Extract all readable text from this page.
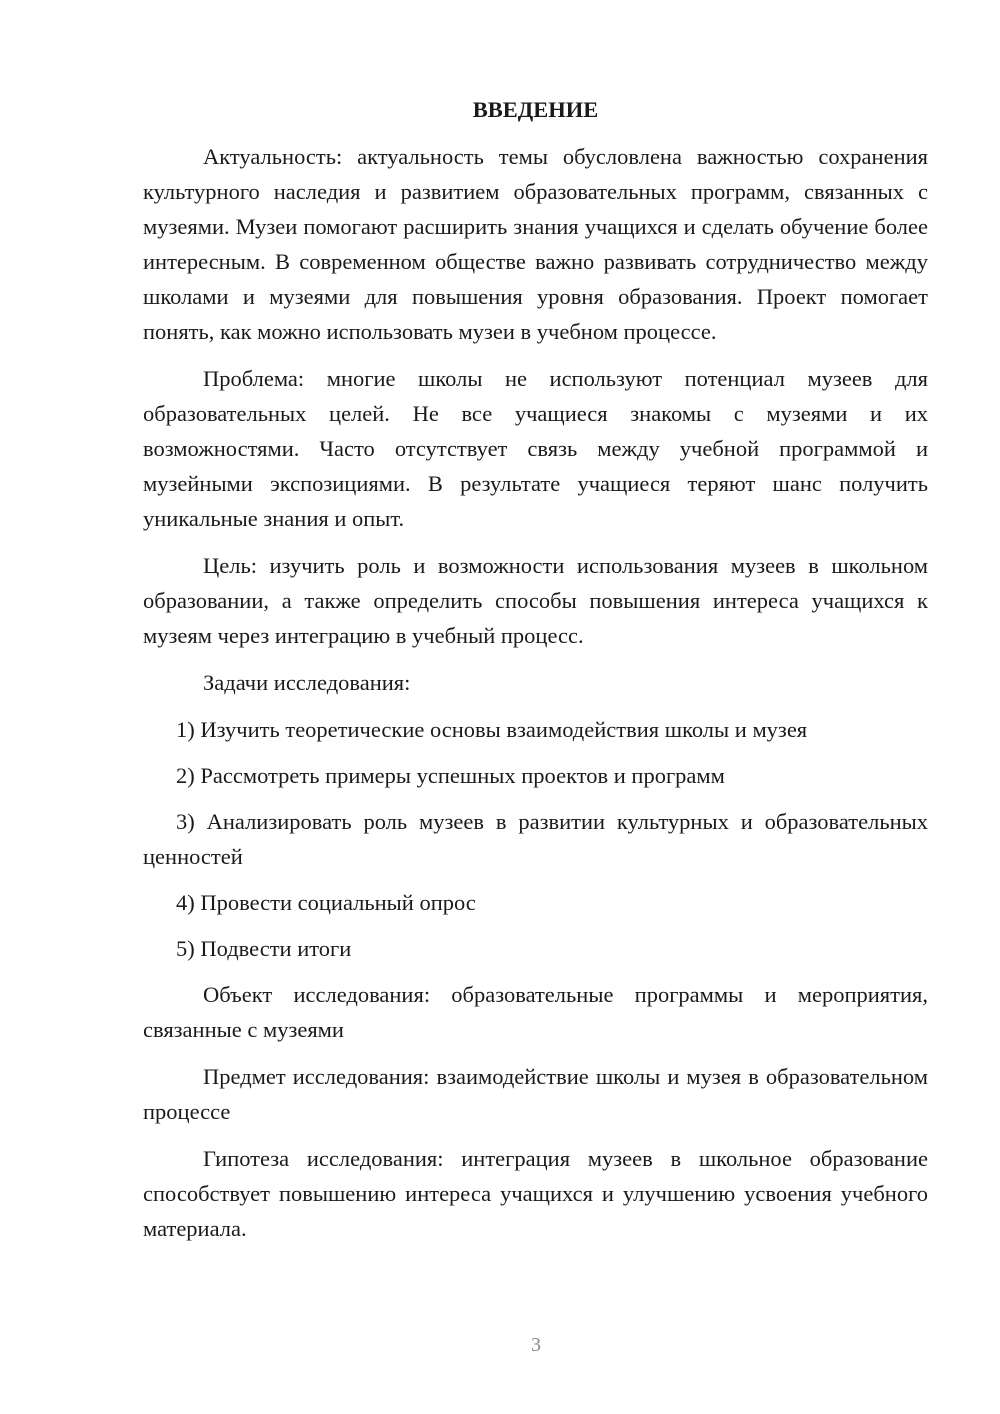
ВВЕДЕНИЕ

Актуальность: актуальность темы обусловлена важностью сохранения культурного наследия и развитием образовательных программ, связанных с музеями. Музеи помогают расширить знания учащихся и сделать обучение более интересным. В современном обществе важно развивать сотрудничество между школами и музеями для повышения уровня образования. Проект помогает понять, как можно использовать музеи в учебном процессе.

Проблема: многие школы не используют потенциал музеев для образовательных целей. Не все учащиеся знакомы с музеями и их возможностями. Часто отсутствует связь между учебной программой и музейными экспозициями. В результате учащиеся теряют шанс получить уникальные знания и опыт.

Цель: изучить роль и возможности использования музеев в школьном образовании, а также определить способы повышения интереса учащихся к музеям через интеграцию в учебный процесс.

Задачи исследования:

1) Изучить теоретические основы взаимодействия школы и музея

2) Рассмотреть примеры успешных проектов и программ

3) Анализировать роль музеев в развитии культурных и образовательных ценностей

4) Провести социальный опрос

5) Подвести итоги

Объект исследования: образовательные программы и мероприятия, связанные с музеями

Предмет исследования: взаимодействие школы и музея в образовательном процессе

Гипотеза исследования: интеграция музеев в школьное образование способствует повышению интереса учащихся и улучшению усвоения учебного материала.

3
